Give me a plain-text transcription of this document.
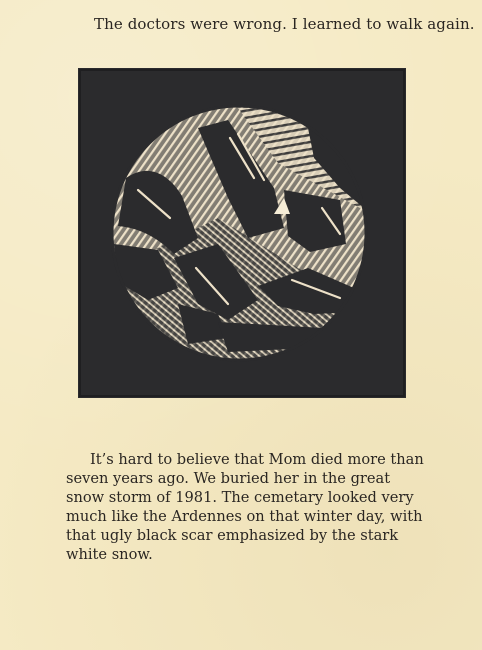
The doctors were wrong. I learned to walk again.

It’s hard to believe that Mom died more than seven years ago. We buried her in the great snow storm of 1981. The cemetary looked very much like the Ardennes on that winter day, with that ugly black scar emphasized by the stark white snow.
